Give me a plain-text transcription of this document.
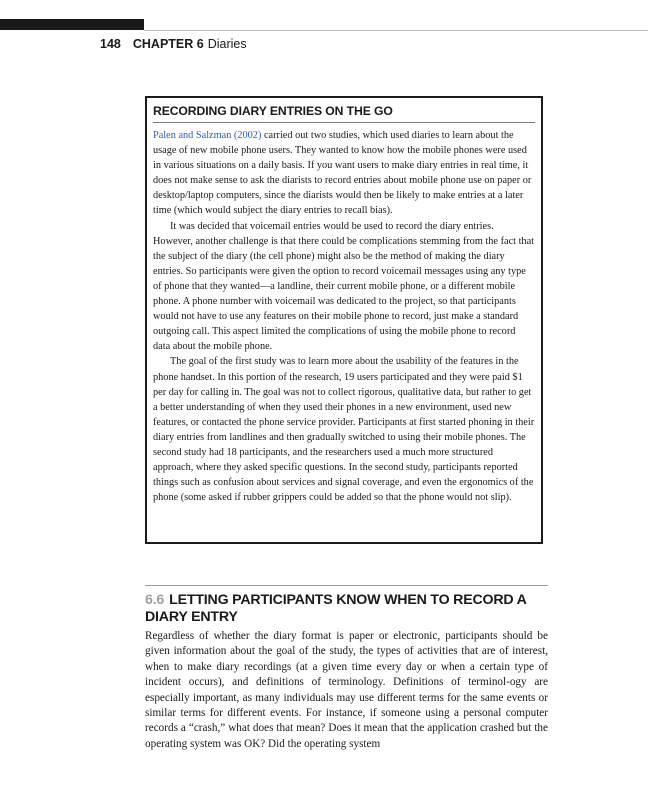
148 CHAPTER 6 Diaries
RECORDING DIARY ENTRIES ON THE GO

Palen and Salzman (2002) carried out two studies, which used diaries to learn about the usage of new mobile phone users. They wanted to know how the mobile phones were used in various situations on a daily basis. If you want users to make diary entries in real time, it does not make sense to ask the diarists to record entries about mobile phone use on paper or desktop/laptop computers, since the diarists would then be likely to make entries at a later time (which would subject the diary entries to recall bias).

It was decided that voicemail entries would be used to record the diary entries. However, another challenge is that there could be complications stemming from the fact that the subject of the diary (the cell phone) might also be the method of making the diary entries. So participants were given the option to record voicemail messages using any type of phone that they wanted—a landline, their current mobile phone, or a different mobile phone. A phone number with voicemail was dedicated to the project, so that participants would not have to use any features on their mobile phone to record, just make a standard outgoing call. This aspect limited the complications of using the mobile phone to record data about the mobile phone.

The goal of the first study was to learn more about the usability of the features in the phone handset. In this portion of the research, 19 users participated and they were paid $1 per day for calling in. The goal was not to collect rigorous, qualitative data, but rather to get a better understanding of when they used their phones in a new environment, used new features, or contacted the phone service provider. Participants at first started phoning in their diary entries from landlines and then gradually switched to using their mobile phones. The second study had 18 participants, and the researchers used a much more structured approach, where they asked specific questions. In the second study, participants reported things such as confusion about services and signal coverage, and even the ergonomics of the phone (some asked if rubber grippers could be added so that the phone would not slip).

6.6 LETTING PARTICIPANTS KNOW WHEN TO RECORD A DIARY ENTRY

Regardless of whether the diary format is paper or electronic, participants should be given information about the goal of the study, the types of activities that are of interest, when to make diary recordings (at a given time every day or when a certain type of incident occurs), and definitions of terminology. Definitions of terminol-ogy are especially important, as many individuals may use different terms for the same events or similar terms for different events. For instance, if someone using a personal computer records a “crash,” what does that mean? Does it mean that the application crashed but the operating system was OK? Did the operating system
